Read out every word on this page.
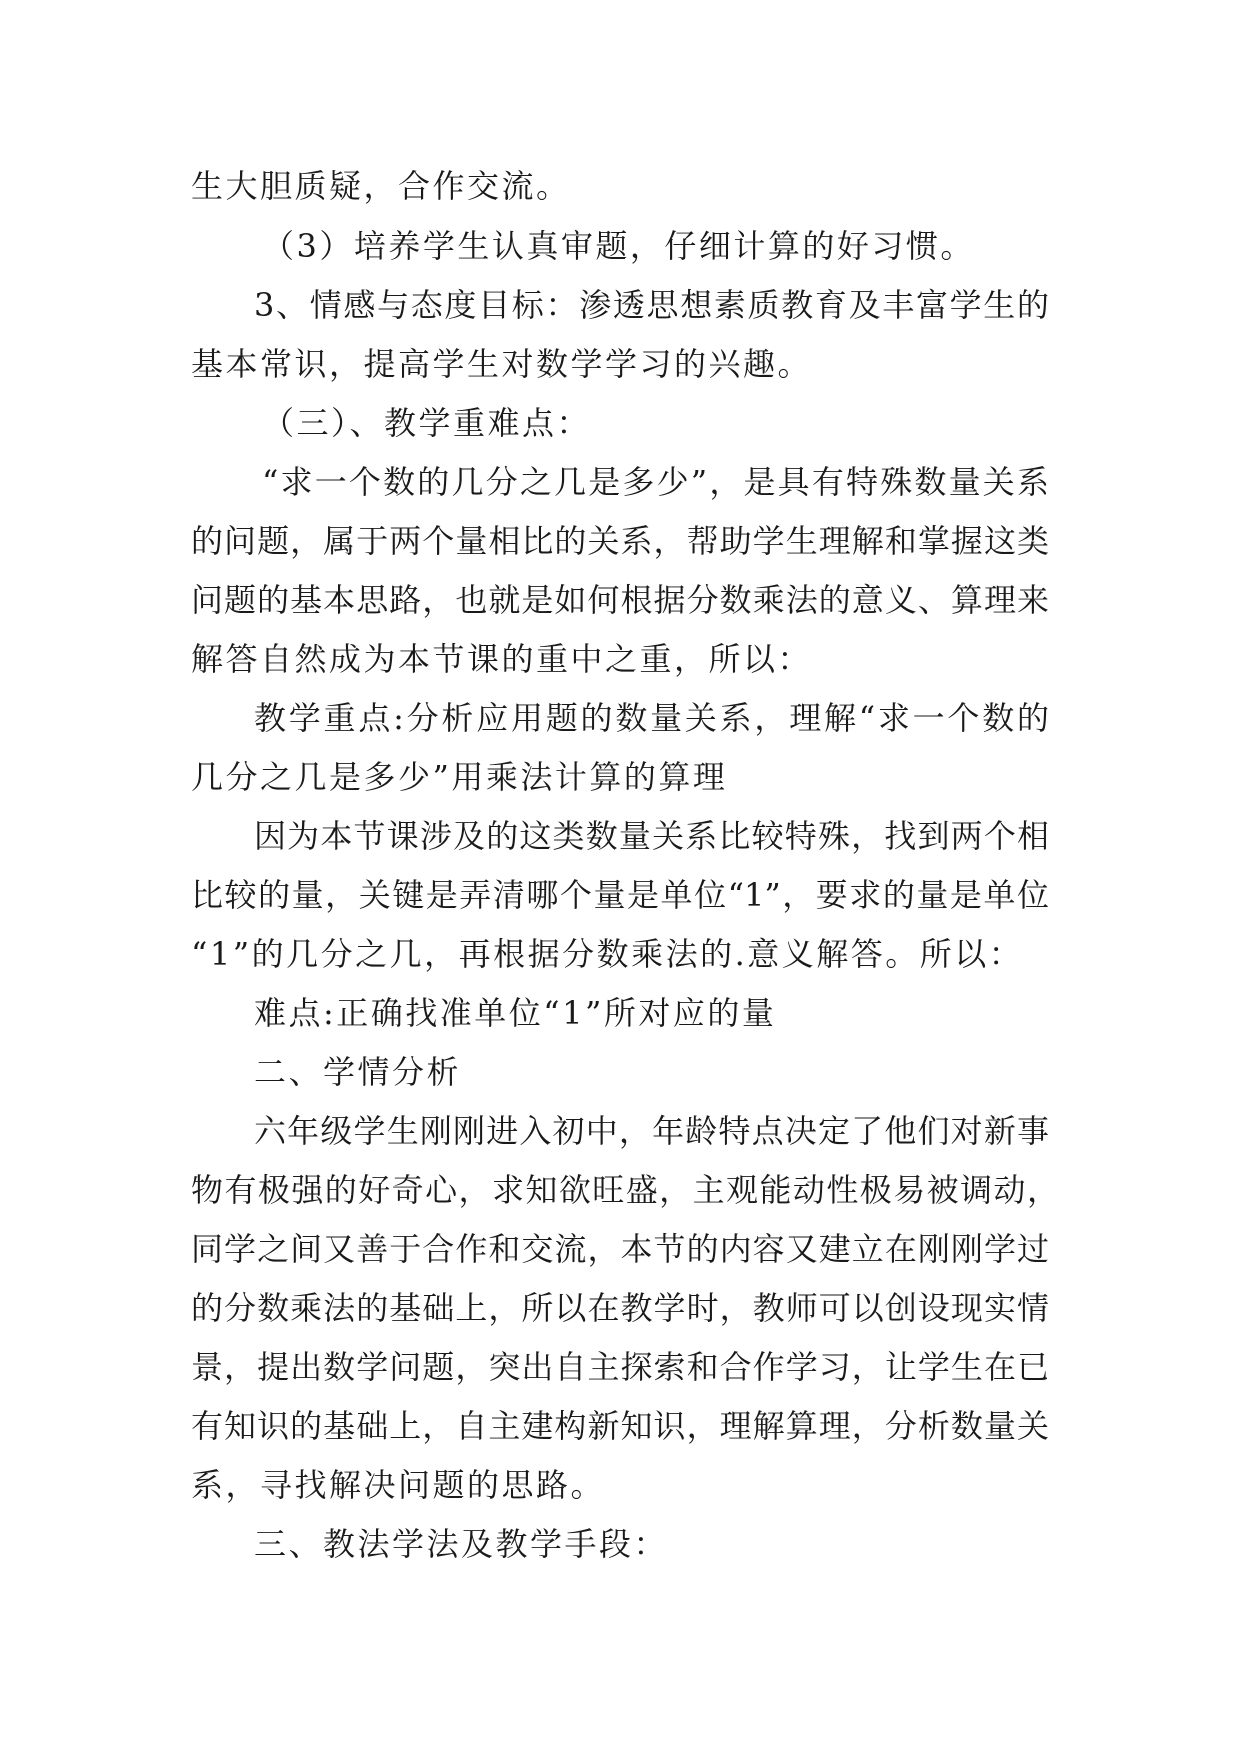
生大胆质疑，合作交流。

（3）培养学生认真审题，仔细计算的好习惯。

3、情感与态度目标：渗透思想素质教育及丰富学生的

基本常识，提高学生对数学学习的兴趣。

（三）、教学重难点：

“求一个数的几分之几是多少”，是具有特殊数量关系

的问题，属于两个量相比的关系，帮助学生理解和掌握这类

问题的基本思路，也就是如何根据分数乘法的意义、算理来

解答自然成为本节课的重中之重，所以：

教学重点:分析应用题的数量关系，理解“求一个数的

几分之几是多少”用乘法计算的算理

因为本节课涉及的这类数量关系比较特殊，找到两个相

比较的量，关键是弄清哪个量是单位“1”，要求的量是单位

“1”的几分之几，再根据分数乘法的.意义解答。所以：

难点:正确找准单位“1”所对应的量

二、学情分析

六年级学生刚刚进入初中，年龄特点决定了他们对新事

物有极强的好奇心，求知欲旺盛，主观能动性极易被调动，

同学之间又善于合作和交流，本节的内容又建立在刚刚学过

的分数乘法的基础上，所以在教学时，教师可以创设现实情

景，提出数学问题，突出自主探索和合作学习，让学生在已

有知识的基础上，自主建构新知识，理解算理，分析数量关

系，寻找解决问题的思路。

三、教法学法及教学手段：
